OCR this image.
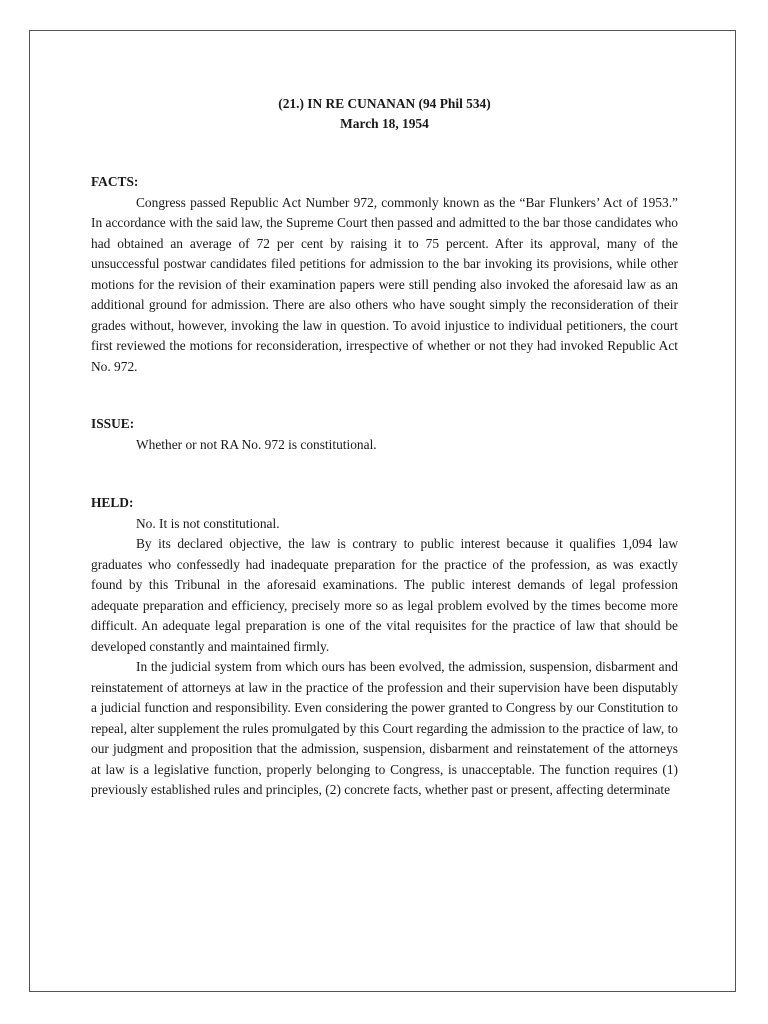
(21.) IN RE CUNANAN (94 Phil 534)

March 18, 1954

FACTS:

Congress passed Republic Act Number 972, commonly known as the “Bar Flunkers’ Act of 1953.” In accordance with the said law, the Supreme Court then passed and admitted to the bar those candidates who had obtained an average of 72 per cent by raising it to 75 percent. After its approval, many of the unsuccessful postwar candidates filed petitions for admission to the bar invoking its provisions, while other motions for the revision of their examination papers were still pending also invoked the aforesaid law as an additional ground for admission. There are also others who have sought simply the reconsideration of their grades without, however, invoking the law in question. To avoid injustice to individual petitioners, the court first reviewed the motions for reconsideration, irrespective of whether or not they had invoked Republic Act No. 972.

ISSUE:

Whether or not RA No. 972 is constitutional.

HELD:

No. It is not constitutional.

By its declared objective, the law is contrary to public interest because it qualifies 1,094 law graduates who confessedly had inadequate preparation for the practice of the profession, as was exactly found by this Tribunal in the aforesaid examinations. The public interest demands of legal profession adequate preparation and efficiency, precisely more so as legal problem evolved by the times become more difficult. An adequate legal preparation is one of the vital requisites for the practice of law that should be developed constantly and maintained firmly.

In the judicial system from which ours has been evolved, the admission, suspension, disbarment and reinstatement of attorneys at law in the practice of the profession and their supervision have been disputably a judicial function and responsibility. Even considering the power granted to Congress by our Constitution to repeal, alter supplement the rules promulgated by this Court regarding the admission to the practice of law, to our judgment and proposition that the admission, suspension, disbarment and reinstatement of the attorneys at law is a legislative function, properly belonging to Congress, is unacceptable. The function requires (1) previously established rules and principles, (2) concrete facts, whether past or present, affecting determinate
